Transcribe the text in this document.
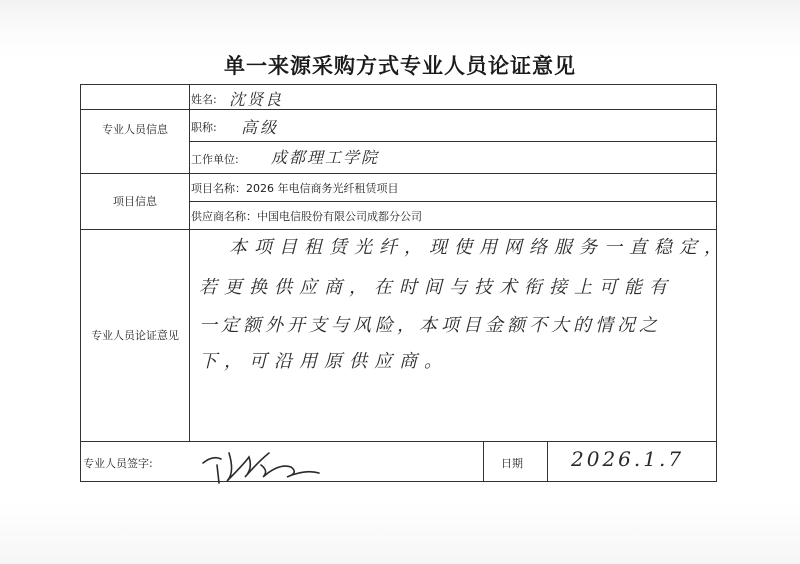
单一来源采购方式专业人员论证意见
专业人员信息
项目信息
专业人员论证意见
姓名: 沈贤良
职称: 高级
工作单位: 成都理工学院
项目名称：2026 年电信商务光纤租赁项目
供应商名称：中国电信股份有限公司成都分公司
本项目租赁光纤，现使用网络服务一直稳定，
若更换供应商，在时间与技术衔接上可能有
一定额外开支与风险，本项目金额不大的情况之
下，可沿用原供应商。
专业人员签字:	日期 2026.1.7
